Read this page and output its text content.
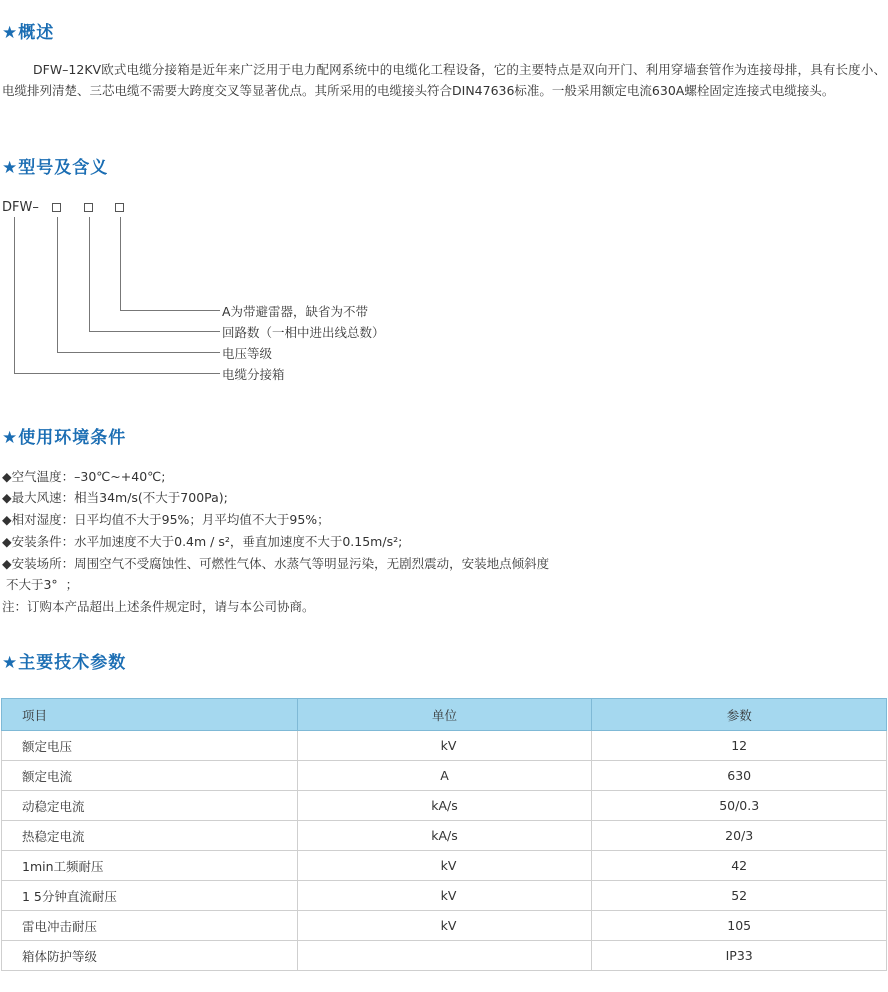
★概述
DFW–12KV欧式电缆分接箱是近年来广泛用于电力配网系统中的电缆化工程设备，它的主要特点是双向开门、利用穿墙套管作为连接母排，具有长度小、电缆排列清楚、三芯电缆不需要大跨度交叉等显著优点。其所采用的电缆接头符合DIN47636标准。一般采用额定电流630A螺栓固定连接式电缆接头。
★型号及含义
DFW–
A为带避雷器，缺省为不带
回路数（一相中进出线总数）
电压等级
电缆分接箱
★使用环境条件
◆空气温度：–30℃~+40℃;
◆最大风速：相当34m/s(不大于700Pa);
◆相对湿度：日平均值不大于95%；月平均值不大于95%；
◆安装条件：水平加速度不大于0.4m / s²，垂直加速度不大于0.15m/s²;
◆安装场所：周围空气不受腐蚀性、可燃性气体、水蒸气等明显污染，无剧烈震动，安装地点倾斜度
不大于3°  ；
注：订购本产品超出上述条件规定时，请与本公司协商。
★主要技术参数
项目	单位	参数
额定电压	kV	12
额定电流	A	630
动稳定电流	kA/s	50/0.3
热稳定电流	kA/s	20/3
1min工频耐压	kV	42
1 5分钟直流耐压	kV	52
雷电冲击耐压	kV	105
箱体防护等级		IP33
